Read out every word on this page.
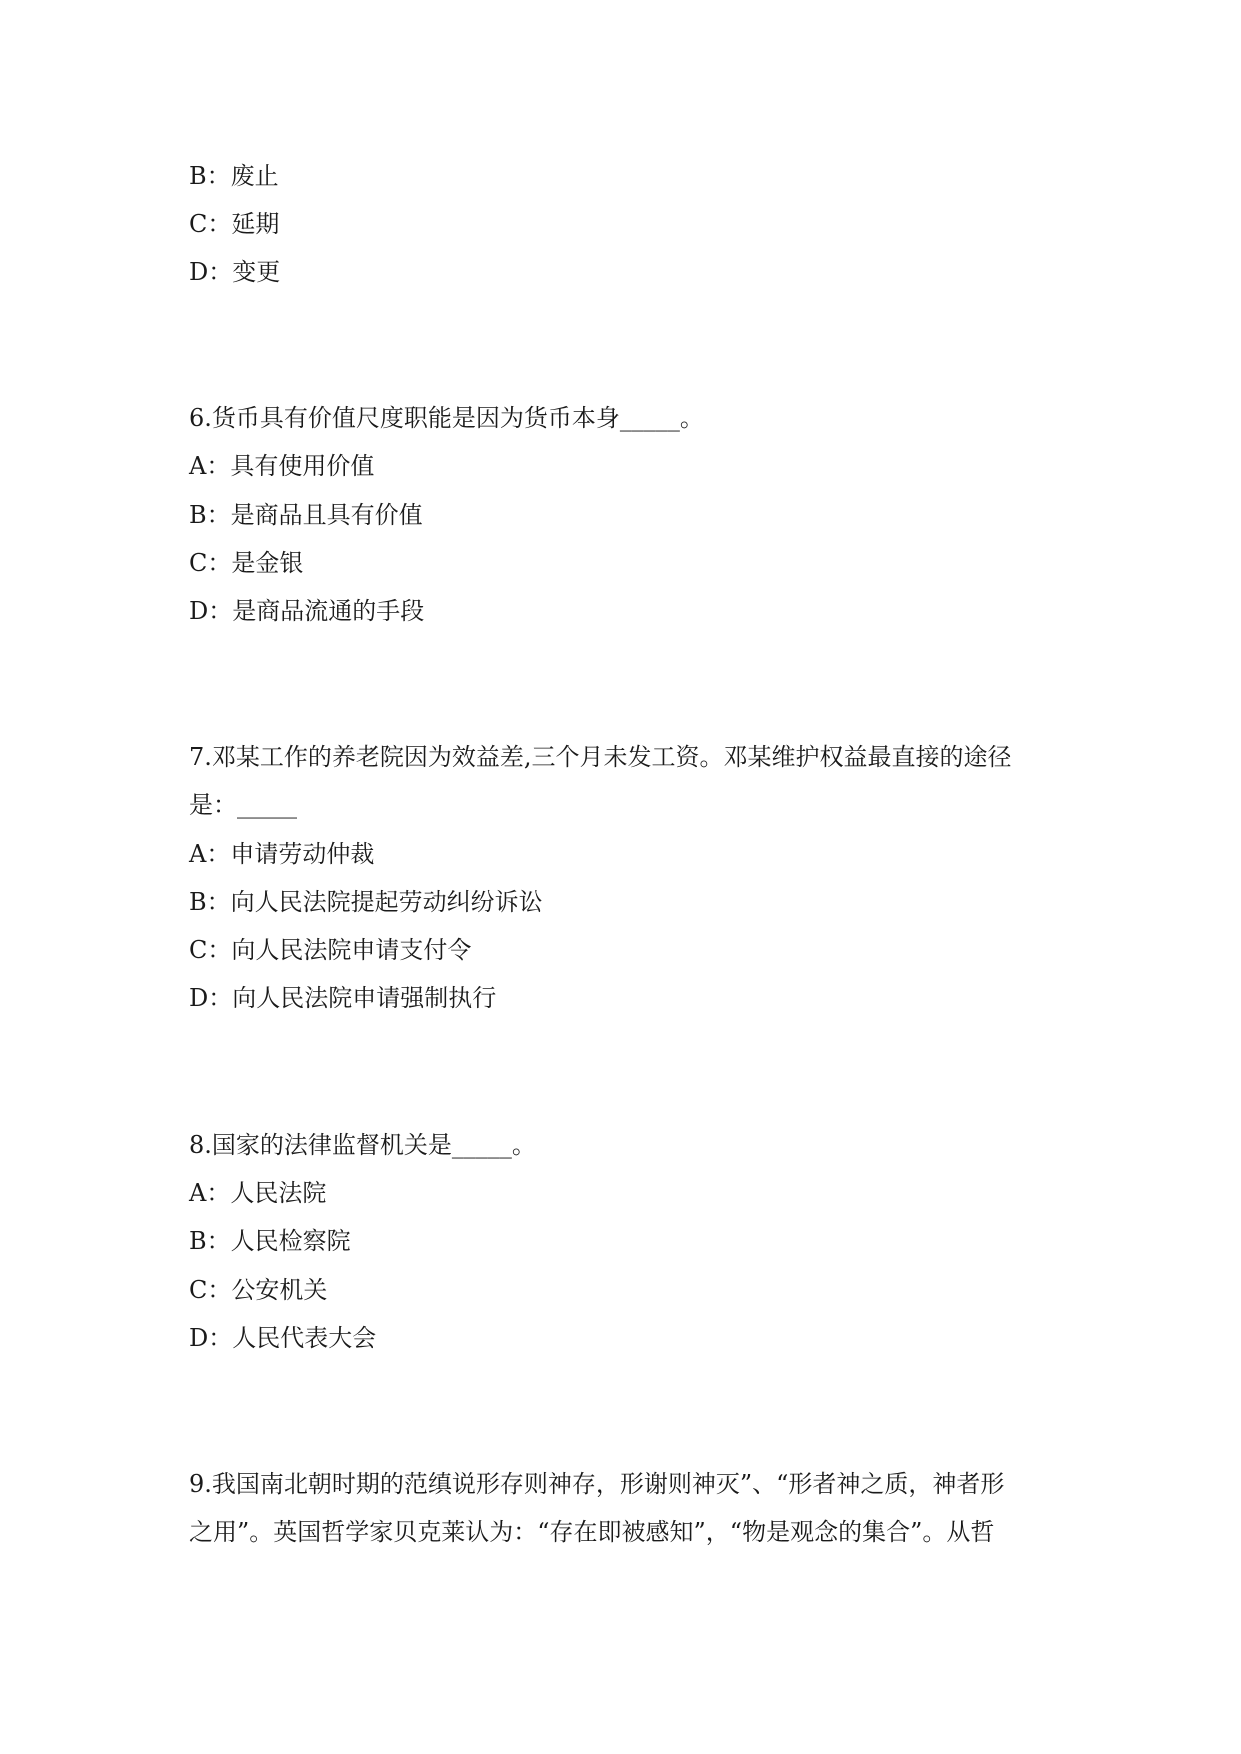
B：废止
C：延期
D：变更
6.货币具有价值尺度职能是因为货币本身_____。
A：具有使用价值
B：是商品且具有价值
C：是金银
D：是商品流通的手段
7.邓某工作的养老院因为效益差,三个月未发工资。邓某维护权益最直接的途径
是：_____
A：申请劳动仲裁
B：向人民法院提起劳动纠纷诉讼
C：向人民法院申请支付令
D：向人民法院申请强制执行
8.国家的法律监督机关是_____。
A：人民法院
B：人民检察院
C：公安机关
D：人民代表大会
9.我国南北朝时期的范缜说形存则神存，形谢则神灭”、“形者神之质，神者形
之用”。英国哲学家贝克莱认为：“存在即被感知”，“物是观念的集合”。从哲
